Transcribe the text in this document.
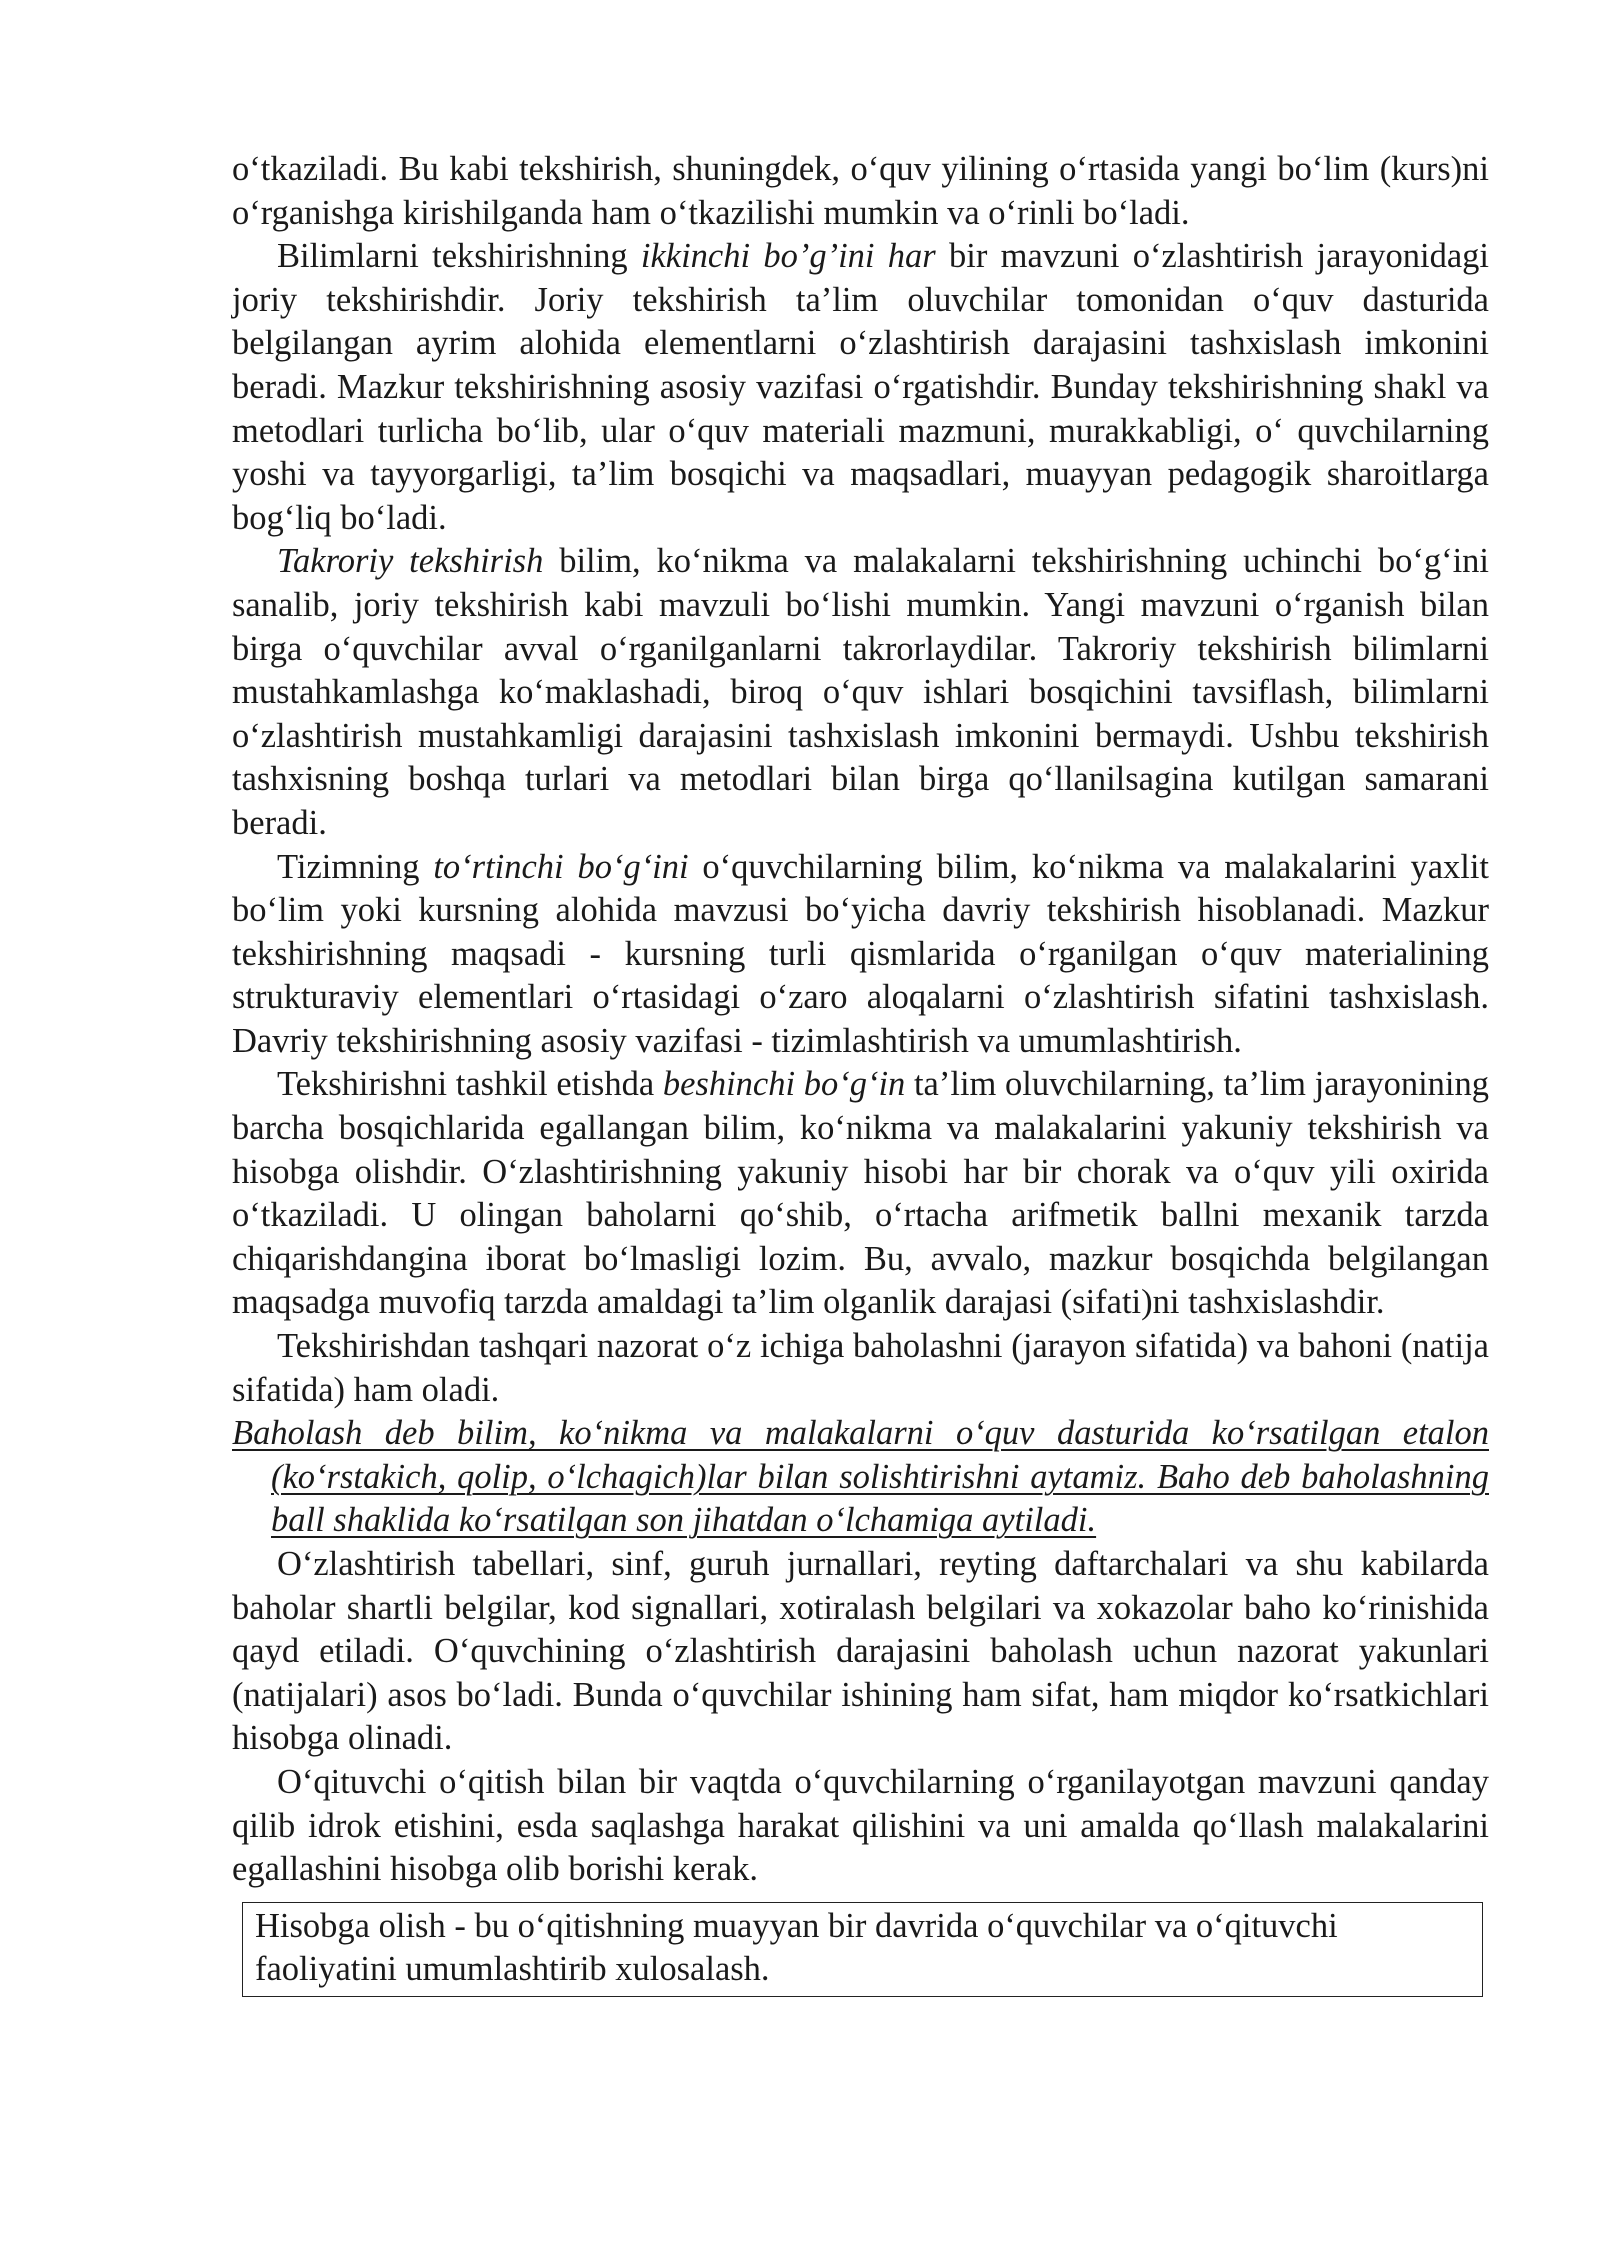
o‘tkaziladi. Bu kabi tekshirish, shuningdek, o‘quv yilining o‘rtasida yangi bo‘lim (kurs)ni o‘rganishga kirishilganda ham o‘tkazilishi mumkin va o‘rinli bo‘ladi.

Bilimlarni tekshirishning ikkinchi bo’g’ini har bir mavzuni o‘zlashtirish jarayonidagi joriy tekshirishdir. Joriy tekshirish ta’lim oluvchilar tomonidan o‘quv dasturida belgilangan ayrim alohida elementlarni o‘zlashtirish darajasini tashxislash imkonini beradi. Mazkur tekshirishning asosiy vazifasi o‘rgatishdir. Bunday tekshirishning shakl va metodlari turlicha bo‘lib, ular o‘quv materiali mazmuni, murakkabligi, o‘ quvchilarning yoshi va tayyorgarligi, ta’lim bosqichi va maqsadlari, muayyan pedagogik sharoitlarga bog‘liq bo‘ladi.

Takroriy tekshirish bilim, ko‘nikma va malakalarni tekshirishning uchinchi bo‘g‘ini sanalib, joriy tekshirish kabi mavzuli bo‘lishi mumkin. Yangi mavzuni o‘rganish bilan birga o‘quvchilar avval o‘rganilganlarni takrorlaydilar. Takroriy tekshirish bilimlarni mustahkamlashga ko‘maklashadi, biroq o‘quv ishlari bosqichini tavsiflash, bilimlarni o‘zlashtirish mustahkamligi darajasini tashxislash imkonini bermaydi. Ushbu tekshirish tashxisning boshqa turlari va metodlari bilan birga qo‘llanilsagina kutilgan samarani beradi.

Tizimning to‘rtinchi bo‘g‘ini o‘quvchilarning bilim, ko‘nikma va malakalarini yaxlit bo‘lim yoki kursning alohida mavzusi bo‘yicha davriy tekshirish hisoblanadi. Mazkur tekshirishning maqsadi - kursning turli qismlarida o‘rganilgan o‘quv materialining strukturaviy elementlari o‘rtasidagi o‘zaro aloqalarni o‘zlashtirish sifatini tashxislash. Davriy tekshirishning asosiy vazifasi - tizimlashtirish va umumlashtirish.

Tekshirishni tashkil etishda beshinchi bo‘g‘in ta’lim oluvchilarning, ta’lim jarayonining barcha bosqichlarida egallangan bilim, ko‘nikma va malakalarini yakuniy tekshirish va hisobga olishdir. O‘zlashtirishning yakuniy hisobi har bir chorak va o‘quv yili oxirida o‘tkaziladi. U olingan baholarni qo‘shib, o‘rtacha arifmetik ballni mexanik tarzda chiqarishdangina iborat bo‘lmasligi lozim. Bu, avvalo, mazkur bosqichda belgilangan maqsadga muvofiq tarzda amaldagi ta’lim olganlik darajasi (sifati)ni tashxislashdir.

Tekshirishdan tashqari nazorat o‘z ichiga baholashni (jarayon sifatida) va bahoni (natija sifatida) ham oladi.

Baholash deb bilim, ko‘nikma va malakalarni o‘quv dasturida ko‘rsatilgan etalon (ko‘rstakich, qolip, o‘lchagich)lar bilan solishtirishni aytamiz. Baho deb baholashning ball shaklida ko‘rsatilgan son jihatdan o‘lchamiga aytiladi.

O‘zlashtirish tabellari, sinf, guruh jurnallari, reyting daftarchalari va shu kabilarda baholar shartli belgilar, kod signallari, xotiralash belgilari va xokazolar baho ko‘rinishida qayd etiladi. O‘quvchining o‘zlashtirish darajasini baholash uchun nazorat yakunlari (natijalari) asos bo‘ladi. Bunda o‘quvchilar ishining ham sifat, ham miqdor ko‘rsatkichlari hisobga olinadi.

O‘qituvchi o‘qitish bilan bir vaqtda o‘quvchilarning o‘rganilayotgan mavzuni qanday qilib idrok etishini, esda saqlashga harakat qilishini va uni amalda qo‘llash malakalarini egallashini hisobga olib borishi kerak.

Hisobga olish - bu o‘qitishning muayyan bir davrida o‘quvchilar va o‘qituvchi faoliyatini umumlashtirib xulosalash.
